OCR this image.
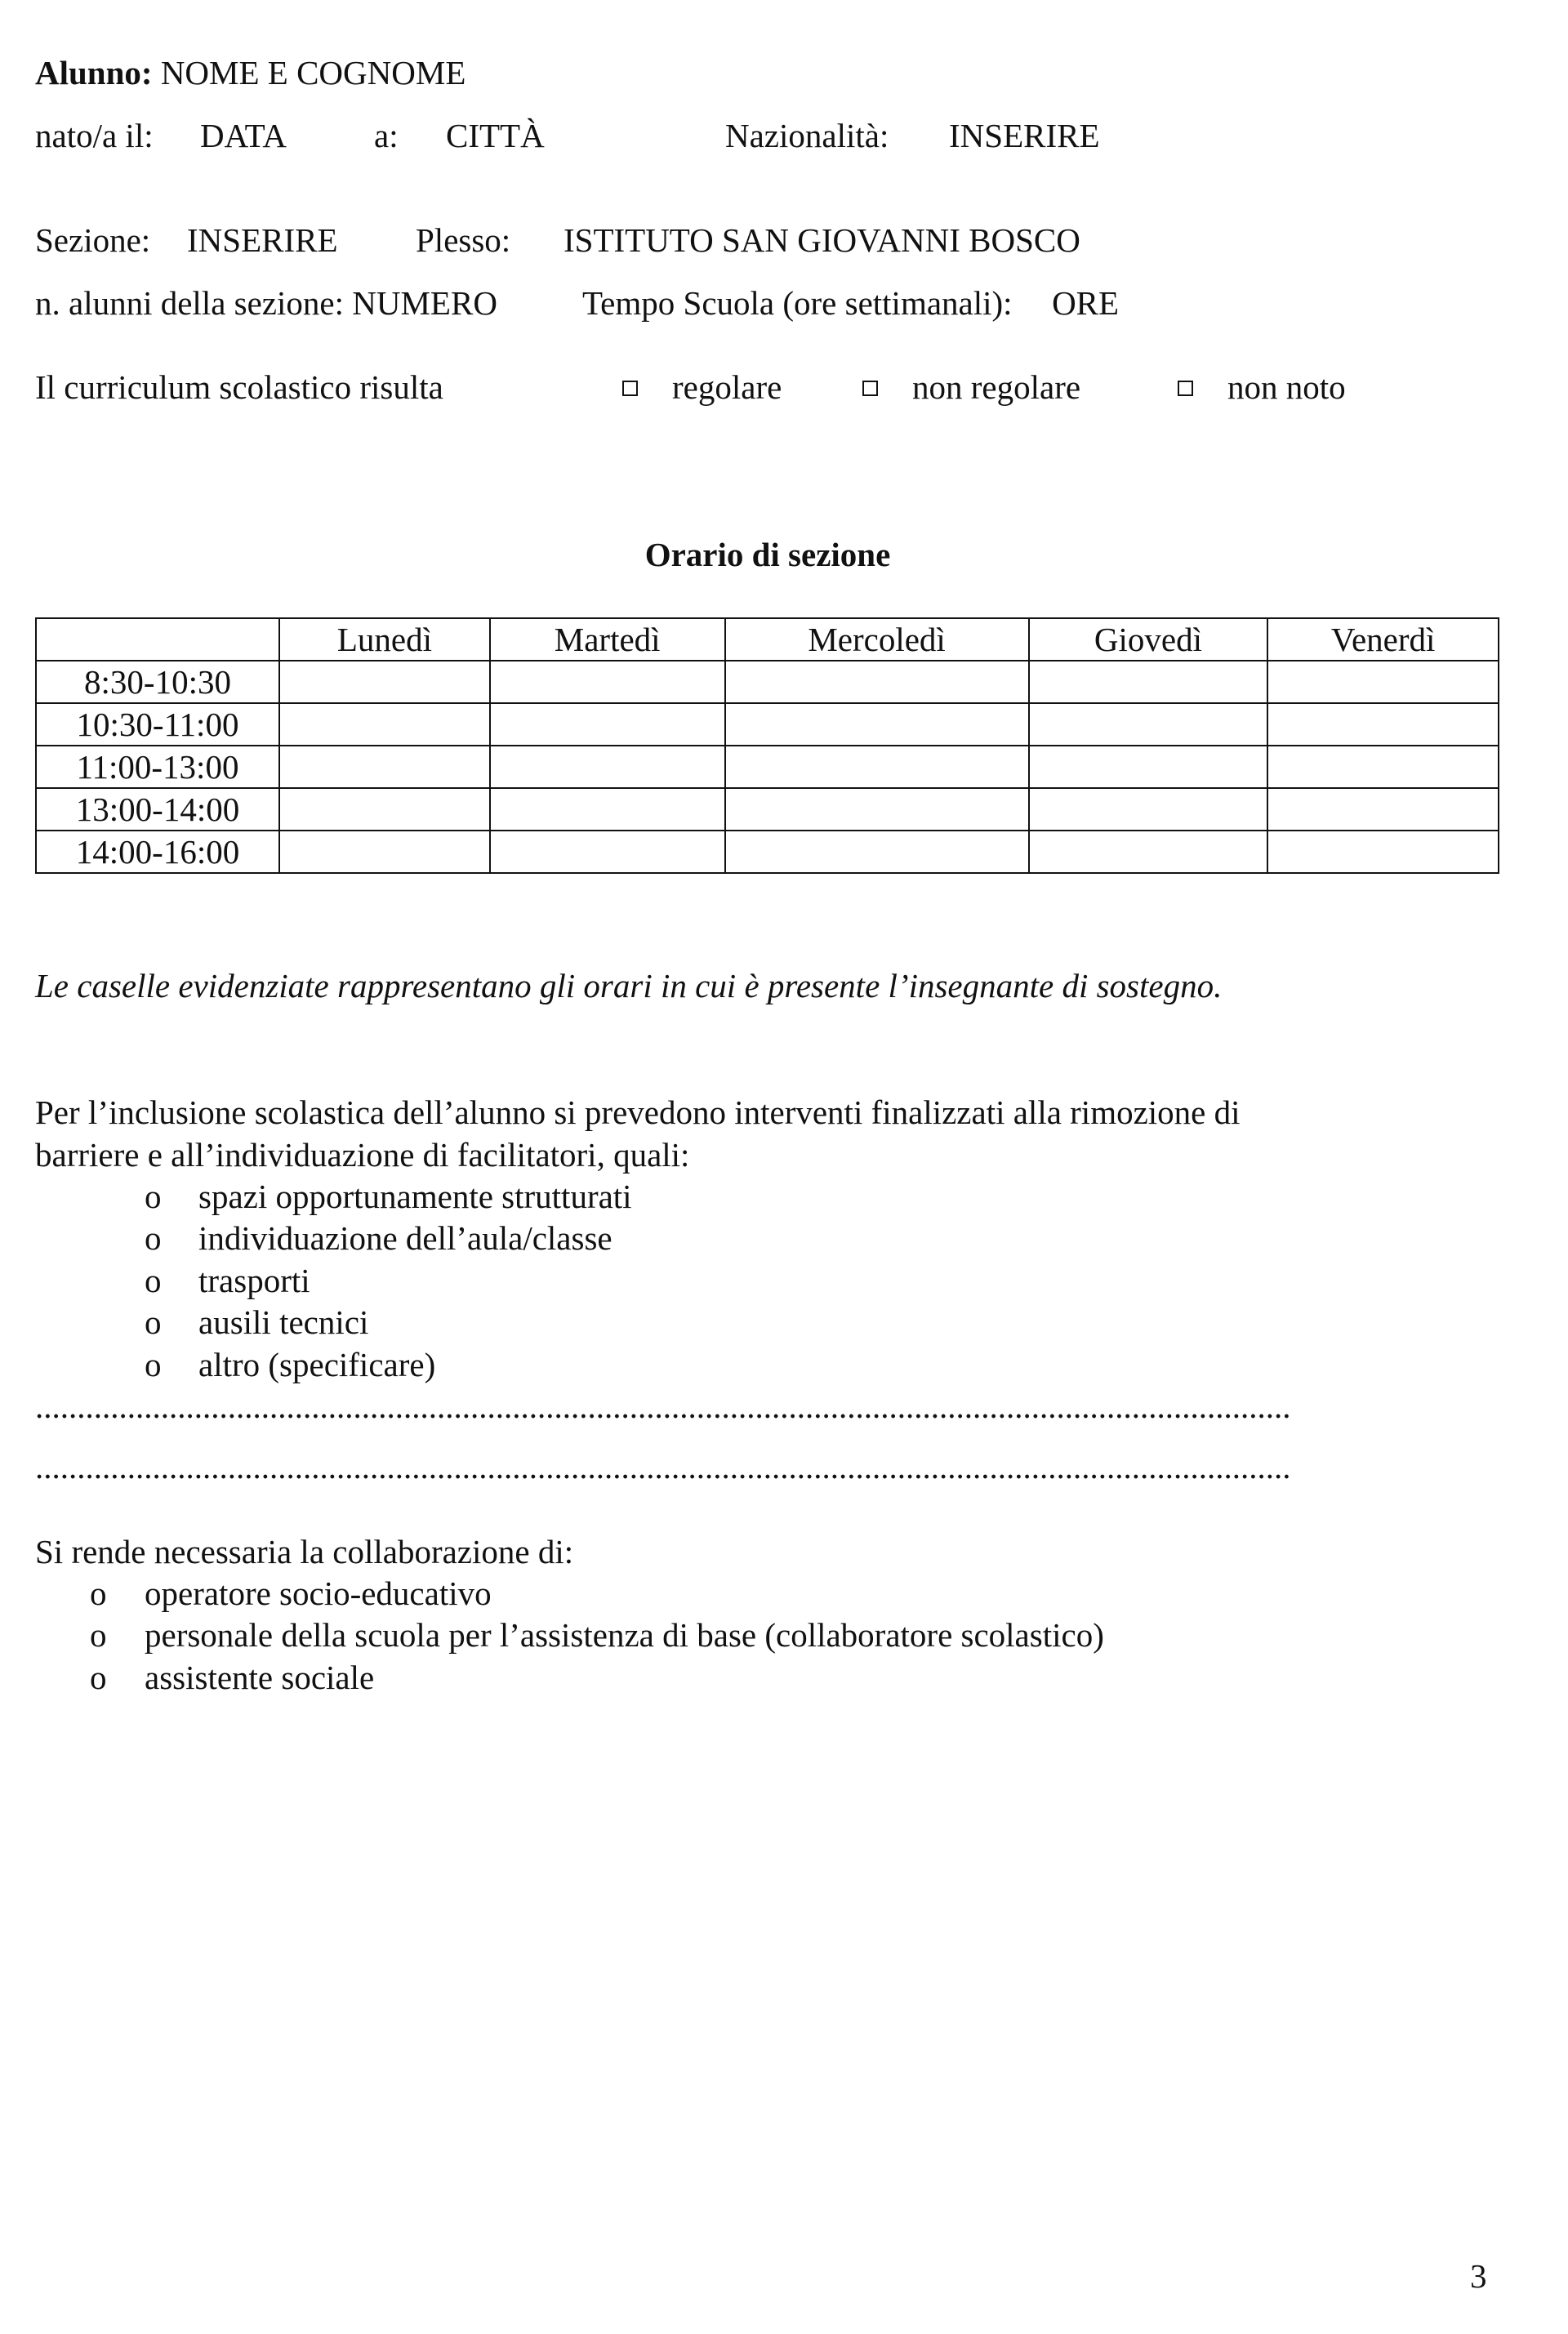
Alunno: NOME E COGNOME
nato/a il: DATA	a: CITTÀ	Nazionalità: INSERIRE
Sezione: INSERIRE Plesso: ISTITUTO SAN GIOVANNI BOSCO
n. alunni della sezione: NUMERO	Tempo Scuola (ore settimanali): ORE
Il curriculum scolastico risulta	regolare	non regolare	non noto
Orario di sezione
	Lunedì	Martedì	Mercoledì	Giovedì	Venerdì
8:30-10:30					
10:30-11:00					
11:00-13:00					
13:00-14:00					
14:00-16:00					
Le caselle evidenziate rappresentano gli orari in cui è presente l’insegnante di sostegno.
Per l’inclusione scolastica dell’alunno si prevedono interventi finalizzati alla rimozione di
barriere e all’individuazione di facilitatori, quali:
o spazi opportunamente strutturati
o individuazione dell’aula/classe
o trasporti
o ausili tecnici
o altro (specificare)
......................................................................................................................................................
......................................................................................................................................................
Si rende necessaria la collaborazione di:
o operatore socio-educativo
o personale della scuola per l’assistenza di base (collaboratore scolastico)
o assistente sociale
3
